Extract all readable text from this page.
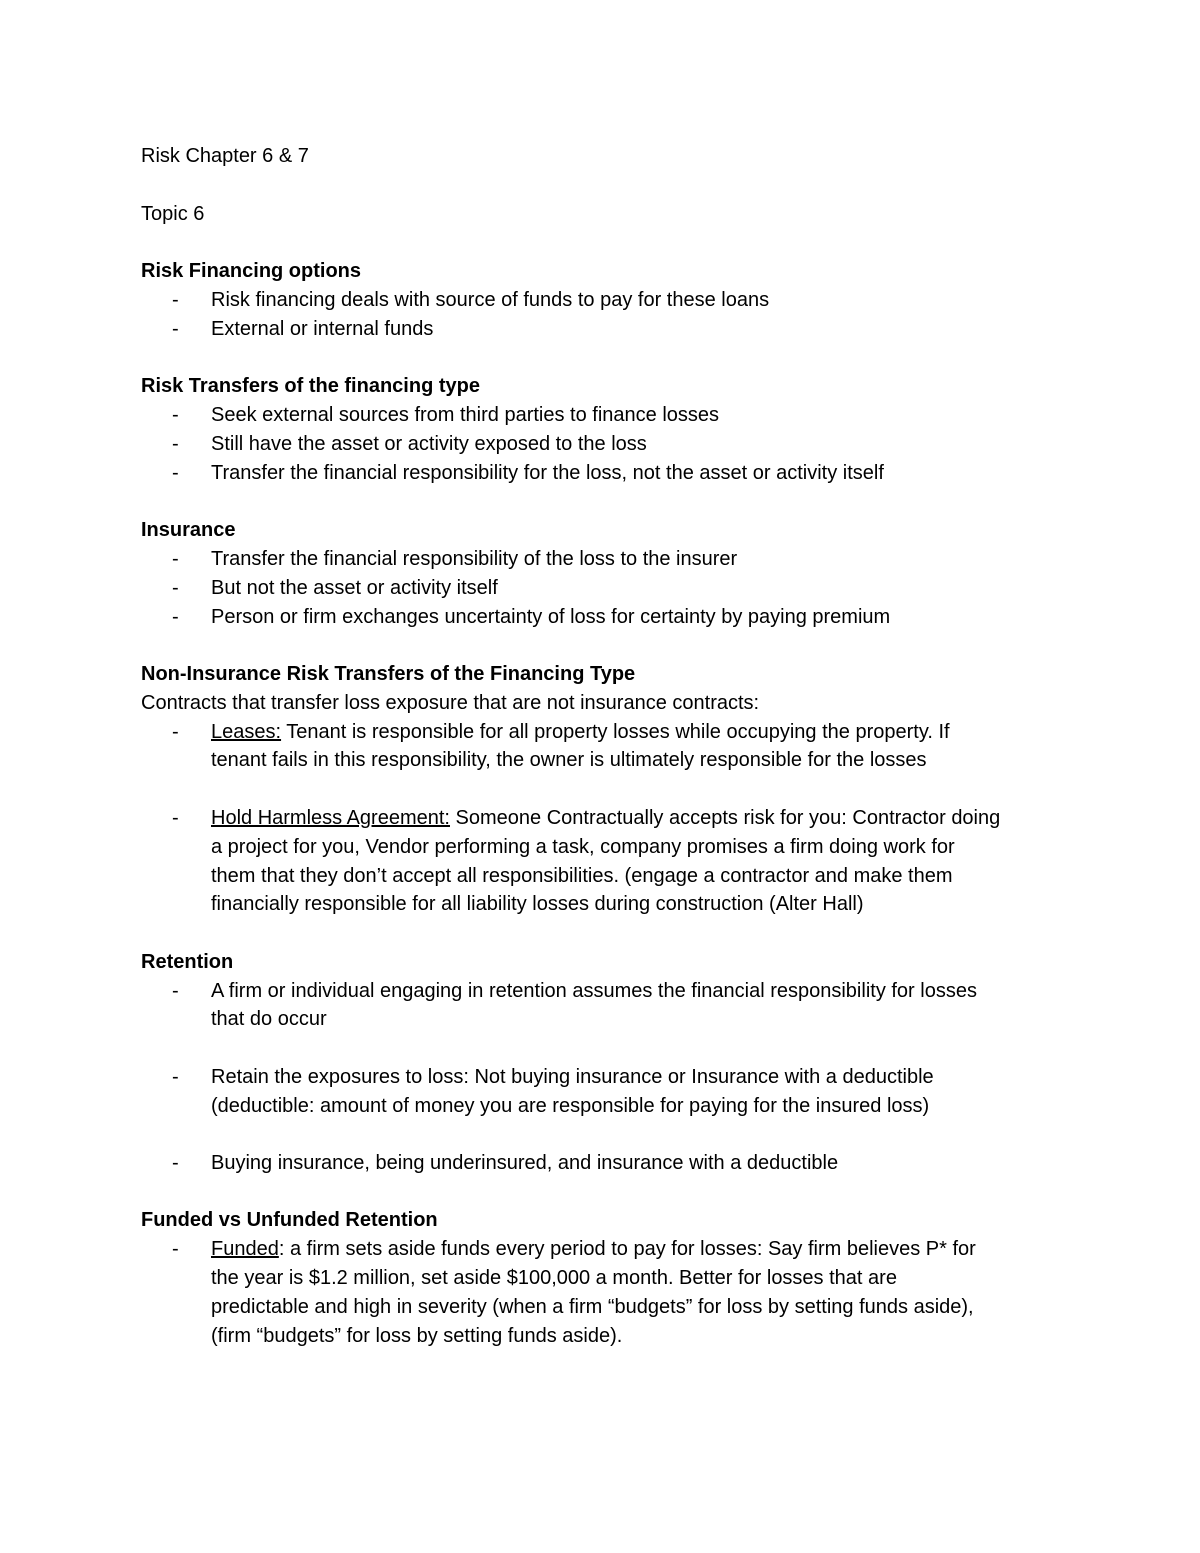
Risk Chapter 6 & 7
Topic 6
Risk Financing options
- Risk financing deals with source of funds to pay for these loans
- External or internal funds
Risk Transfers of the financing type
- Seek external sources from third parties to finance losses
- Still have the asset or activity exposed to the loss
- Transfer the financial responsibility for the loss, not the asset or activity itself
Insurance
- Transfer the financial responsibility of the loss to the insurer
- But not the asset or activity itself
- Person or firm exchanges uncertainty of loss for certainty by paying premium
Non-Insurance Risk Transfers of the Financing Type
Contracts that transfer loss exposure that are not insurance contracts:
- Leases: Tenant is responsible for all property losses while occupying the property. If
tenant fails in this responsibility, the owner is ultimately responsible for the losses
- Hold Harmless Agreement: Someone Contractually accepts risk for you: Contractor doing
a project for you, Vendor performing a task, company promises a firm doing work for
them that they don’t accept all responsibilities. (engage a contractor and make them
financially responsible for all liability losses during construction (Alter Hall)
Retention
- A firm or individual engaging in retention assumes the financial responsibility for losses
that do occur
- Retain the exposures to loss: Not buying insurance or Insurance with a deductible
(deductible: amount of money you are responsible for paying for the insured loss)
- Buying insurance, being underinsured, and insurance with a deductible
Funded vs Unfunded Retention
- Funded: a firm sets aside funds every period to pay for losses: Say firm believes P* for
the year is $1.2 million, set aside $100,000 a month. Better for losses that are
predictable and high in severity (when a firm “budgets” for loss by setting funds aside),
(firm “budgets” for loss by setting funds aside).
